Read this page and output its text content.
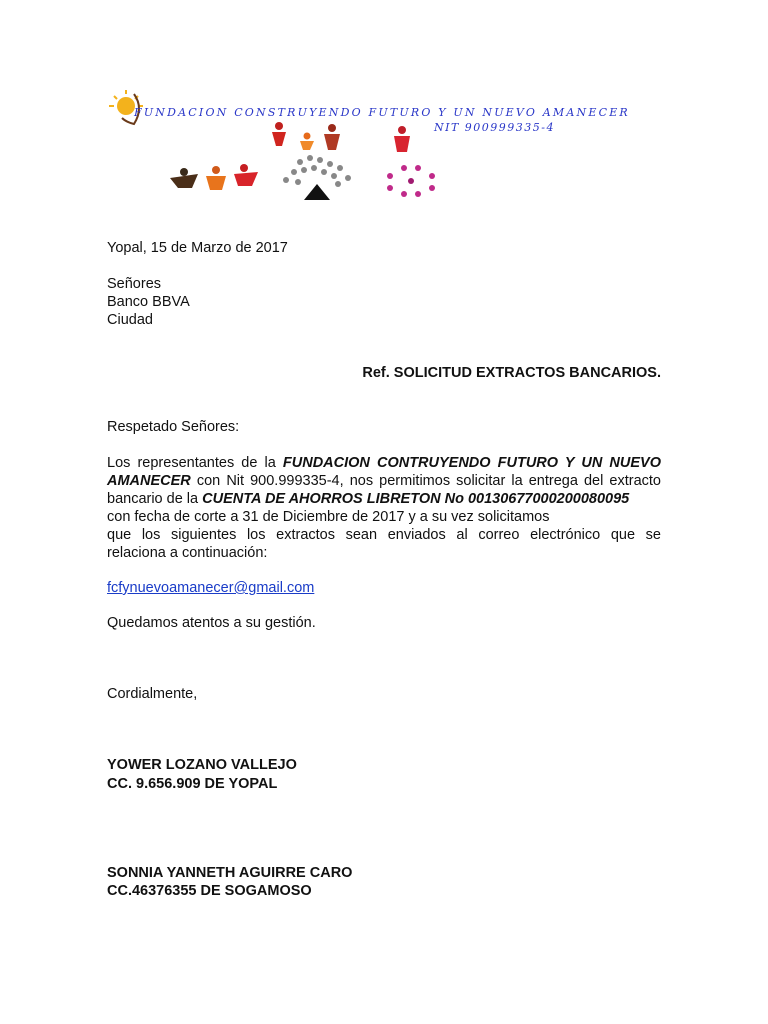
FUNDACION CONSTRUYENDO FUTURO Y UN NUEVO AMANECER
NIT 900999335-4
Yopal, 15 de Marzo de 2017
Señores
Banco BBVA
Ciudad
Ref. SOLICITUD EXTRACTOS BANCARIOS.
Respetado Señores:
Los representantes de la FUNDACION CONTRUYENDO FUTURO Y UN NUEVO
AMANECER con Nit 900.999335-4, nos permitimos solicitar la entrega del extracto
bancario de la CUENTA DE AHORROS LIBRETON No 00130677000200080095
con fecha de corte a 31 de Diciembre de 2017 y a su vez solicitamos
que los siguientes los extractos sean enviados al correo electrónico que se
relaciona a continuación:
fcfynuevoamanecer@gmail.com
Quedamos atentos a su gestión.
Cordialmente,
YOWER LOZANO VALLEJO
CC. 9.656.909 DE YOPAL
SONNIA YANNETH AGUIRRE CARO
CC.46376355 DE SOGAMOSO
